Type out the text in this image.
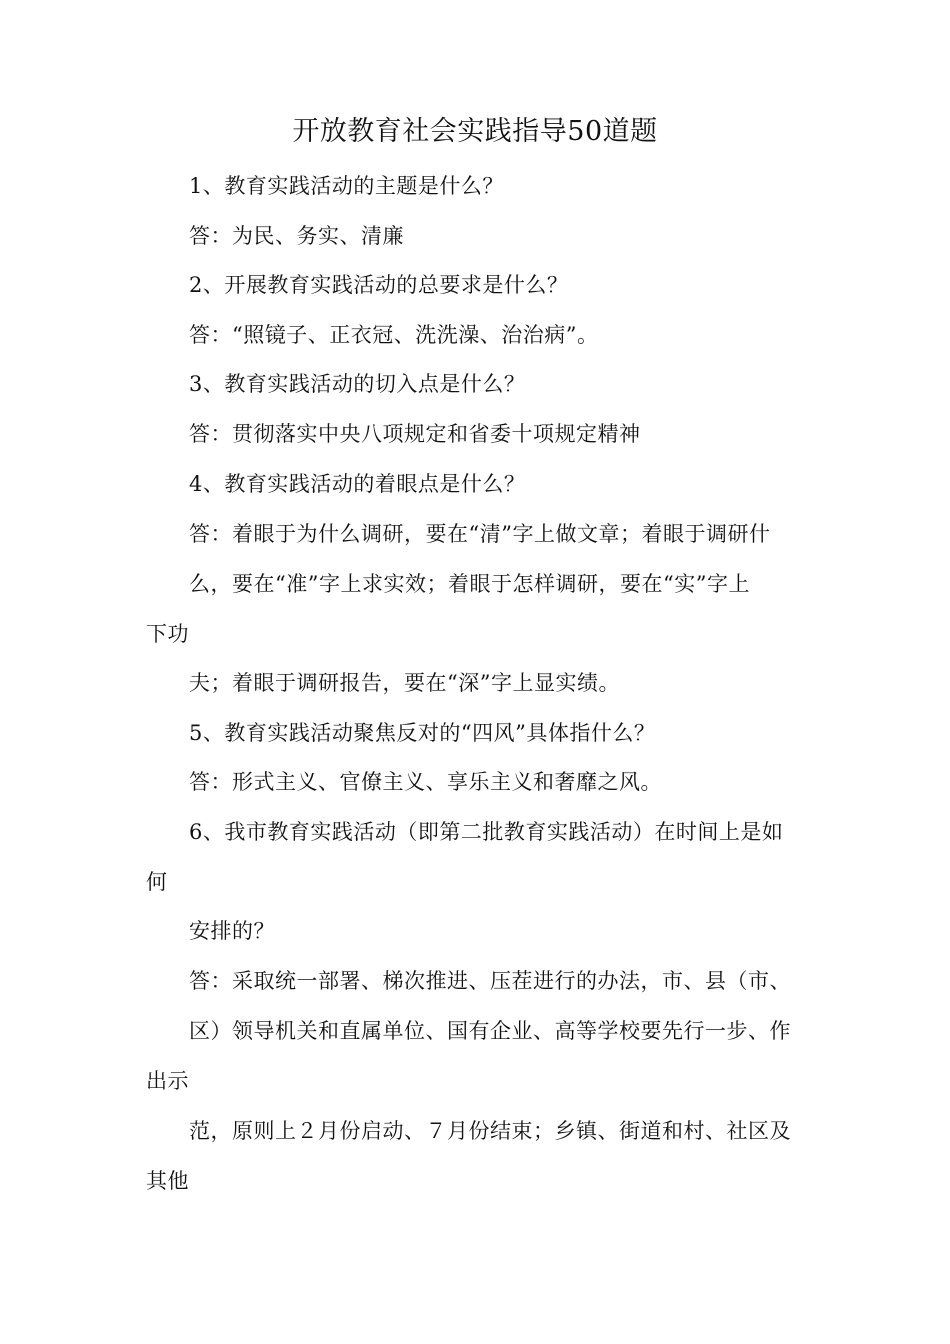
开放教育社会实践指导50道题
1、教育实践活动的主题是什么？
答：为民、务实、清廉
2、开展教育实践活动的总要求是什么？
答：“照镜子、正衣冠、洗洗澡、治治病”。
3、教育实践活动的切入点是什么？
答：贯彻落实中央八项规定和省委十项规定精神
4、教育实践活动的着眼点是什么？
答：着眼于为什么调研，要在“清”字上做文章；着眼于调研什
么，要在“准”字上求实效；着眼于怎样调研，要在“实”字上
下功
夫；着眼于调研报告，要在“深”字上显实绩。
5、教育实践活动聚焦反对的“四风”具体指什么？
答：形式主义、官僚主义、享乐主义和奢靡之风。
6、我市教育实践活动（即第二批教育实践活动）在时间上是如
何
安排的？
答：采取统一部署、梯次推进、压茬进行的办法，市、县（市、
区）领导机关和直属单位、国有企业、高等学校要先行一步、作
出示
范，原则上２月份启动、７月份结束；乡镇、街道和村、社区及
其他
